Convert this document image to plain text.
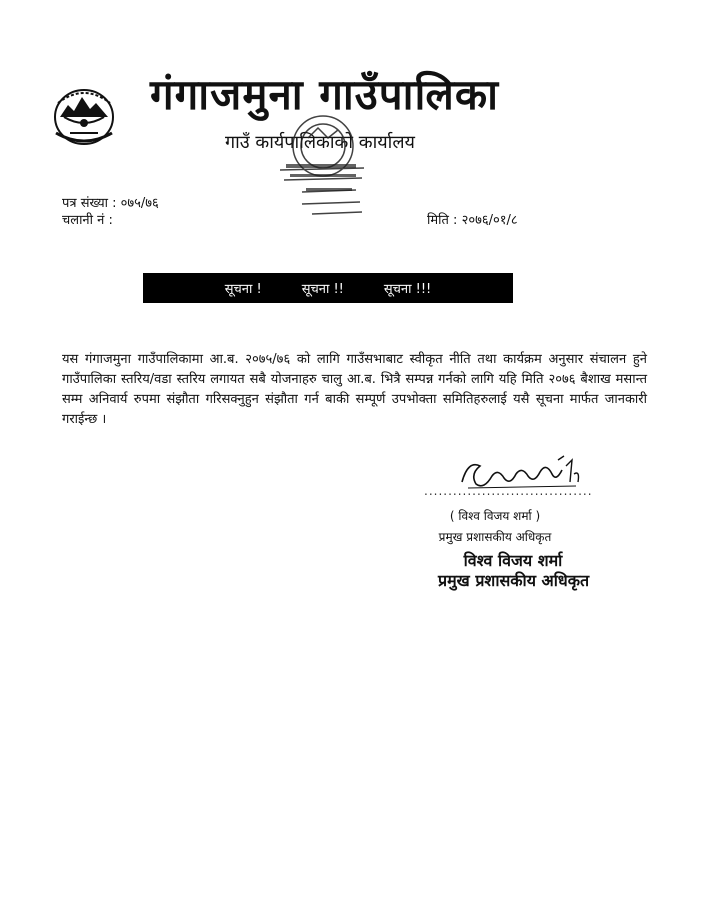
गंगाजमुना गाउँपालिका
गाउँ कार्यपालिकाको कार्यालय
पत्र संख्या : ०७५/७६
चलानी नं :	मिति : २०७६/०१/८
सूचना !	सूचना !!	सूचना !!!
यस गंगाजमुना गाउँपालिकामा आ.ब. २०७५/७६ को लागि गाउँसभाबाट स्वीकृत नीति तथा कार्यक्रम अनुसार संचालन हुने गाउँपालिका स्तरिय/वडा स्तरिय लगायत सबै योजनाहरु चालु आ.ब. भित्रै सम्पन्न गर्नको लागि यहि मिति २०७६ बैशाख मसान्त सम्म अनिवार्य रुपमा संझौता गरिसक्नुहुन संझौता गर्न बाकी सम्पूर्ण उपभोक्ता समितिहरुलाई यसै सूचना मार्फत जानकारी गराईन्छ ।
...................................
( विश्व विजय शर्मा )
प्रमुख प्रशासकीय अधिकृत
विश्व विजय शर्मा
प्रमुख प्रशासकीय अधिकृत
